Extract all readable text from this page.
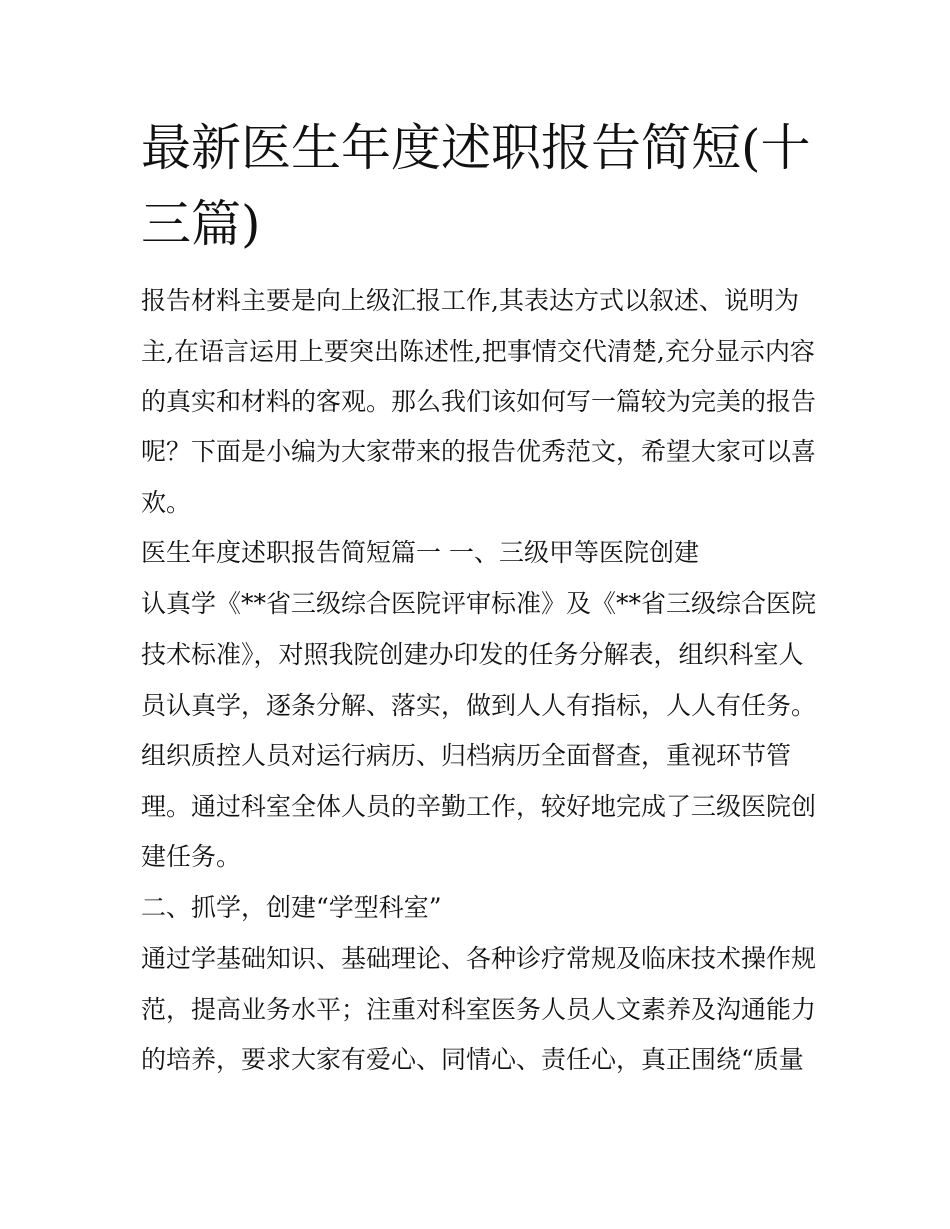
最新医生年度述职报告简短(十
三篇)

报告材料主要是向上级汇报工作,其表达方式以叙述、说明为

主,在语言运用上要突出陈述性,把事情交代清楚,充分显示内容

的真实和材料的客观。那么我们该如何写一篇较为完美的报告

呢？下面是小编为大家带来的报告优秀范文，希望大家可以喜

欢。

医生年度述职报告简短篇一 一、三级甲等医院创建

认真学《**省三级综合医院评审标准》及《**省三级综合医院

技术标准》，对照我院创建办印发的任务分解表，组织科室人

员认真学，逐条分解、落实，做到人人有指标，人人有任务。

组织质控人员对运行病历、归档病历全面督查，重视环节管

理。通过科室全体人员的辛勤工作，较好地完成了三级医院创

建任务。

二、抓学，创建“学型科室”

通过学基础知识、基础理论、各种诊疗常规及临床技术操作规

范，提高业务水平；注重对科室医务人员人文素养及沟通能力

的培养，要求大家有爱心、同情心、责任心，真正围绕“质量
